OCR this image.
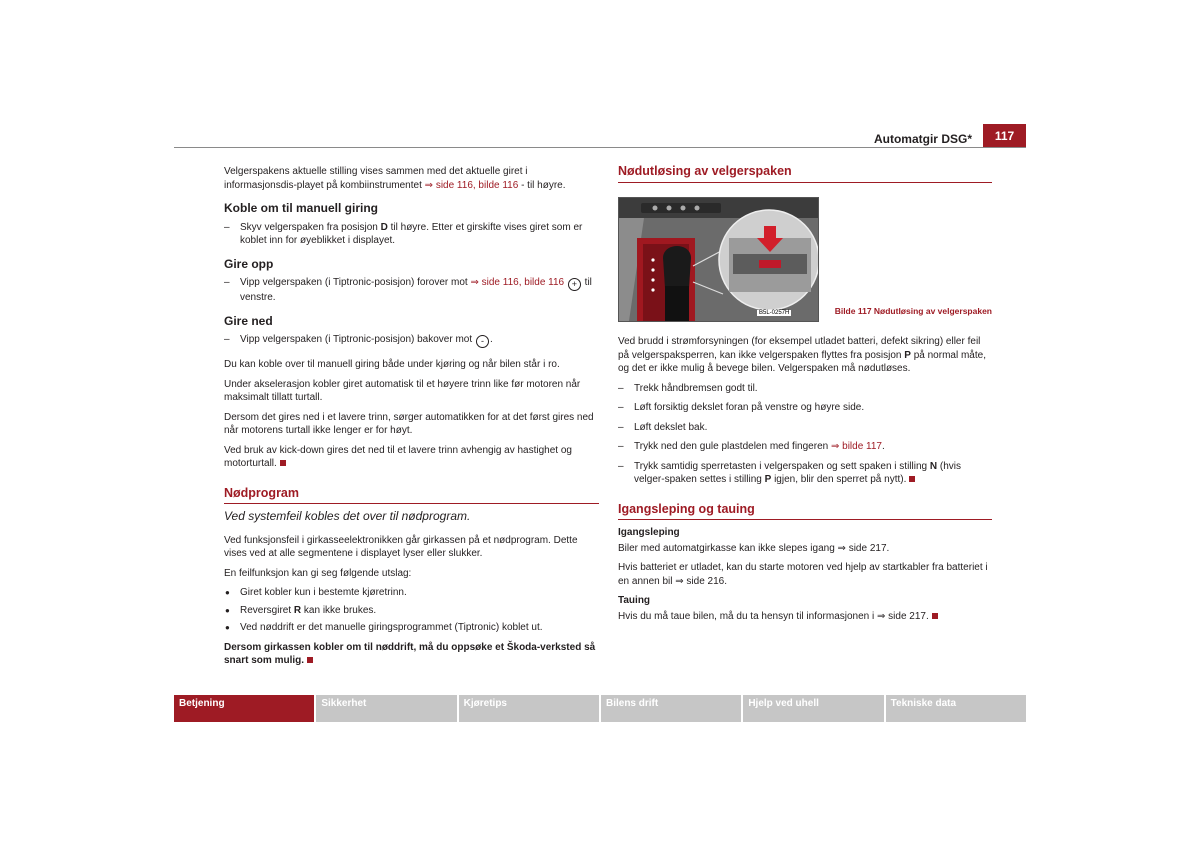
Automatgir DSG*	117

Velgerspakens aktuelle stilling vises sammen med det aktuelle giret i informasjonsdis-playet på kombiinstrumentet ⇒ side 116, bilde 116 - til høyre.

Koble om til manuell giring
– Skyv velgerspaken fra posisjon D til høyre. Etter et girskifte vises giret som er koblet inn for øyeblikket i displayet.
Gire opp
– Vipp velgerspaken (i Tiptronic-posisjon) forover mot ⇒ side 116, bilde 116 + til venstre.
Gire ned
– Vipp velgerspaken (i Tiptronic-posisjon) bakover mot - .

Du kan koble over til manuell giring både under kjøring og når bilen står i ro.

Under akselerasjon kobler giret automatisk til et høyere trinn like før motoren når maksimalt tillatt turtall.

Dersom det gires ned i et lavere trinn, sørger automatikken for at det først gires ned når motorens turtall ikke lenger er for høyt.

Ved bruk av kick-down gires det ned til et lavere trinn avhengig av hastighet og motorturtall.

Nødprogram
Ved systemfeil kobles det over til nødprogram.

Ved funksjonsfeil i girkasseelektronikken går girkassen på et nødprogram. Dette vises ved at alle segmentene i displayet lyser eller slukker.

En feilfunksjon kan gi seg følgende utslag:

● Giret kobler kun i bestemte kjøretrinn.
● Reversgiret R kan ikke brukes.
● Ved nøddrift er det manuelle giringsprogrammet (Tiptronic) koblet ut.

Dersom girkassen kobler om til nøddrift, må du oppsøke et Škoda-verksted så snart som mulig.

Nødutløsing av velgerspaken
B5L-0257H	Bilde 117 Nødutløsing av velgerspaken

Ved brudd i strømforsyningen (for eksempel utladet batteri, defekt sikring) eller feil på velgerspaksperren, kan ikke velgerspaken flyttes fra posisjon P på normal måte, og det er ikke mulig å bevege bilen. Velgerspaken må nødutløses.

– Trekk håndbremsen godt til.
– Løft forsiktig dekslet foran på venstre og høyre side.
– Løft dekslet bak.
– Trykk ned den gule plastdelen med fingeren ⇒ bilde 117.
– Trykk samtidig sperretasten i velgerspaken og sett spaken i stilling N (hvis velger-spaken settes i stilling P igjen, blir den sperret på nytt).
Igangsleping og tauing
Igangsleping

Biler med automatgirkasse kan ikke slepes igang ⇒ side 217.

Hvis batteriet er utladet, kan du starte motoren ved hjelp av startkabler fra batteriet i en annen bil ⇒ side 216.

Tauing

Hvis du må taue bilen, må du ta hensyn til informasjonen i ⇒ side 217.

Betjening	Sikkerhet	Kjøretips	Bilens drift	Hjelp ved uhell	Tekniske data
